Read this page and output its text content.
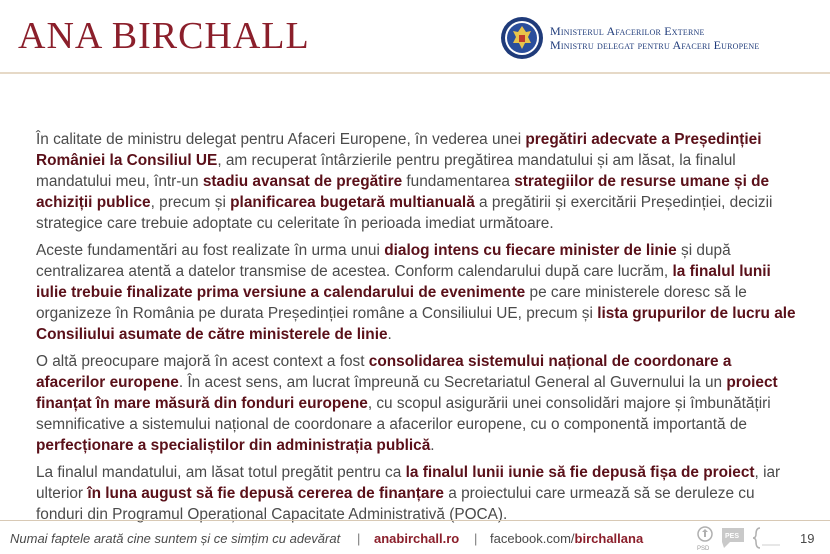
ANA BIRCHALL	Ministerul Afacerilor Externe
Ministru delegat pentru Afaceri Europene

În calitate de ministru delegat pentru Afaceri Europene, în vederea unei pregătiri adecvate a Președinției României la Consiliul UE, am recuperat întârzierile pentru pregătirea mandatului și am lăsat, la finalul mandatului meu, într-un stadiu avansat de pregătire fundamentarea strategiilor de resurse umane și de achiziții publice, precum și planificarea bugetară multianuală a pregătirii și exercitării Președinției, decizii strategice care trebuie adoptate cu celeritate în perioada imediat următoare.

Aceste fundamentări au fost realizate în urma unui dialog intens cu fiecare minister de linie și după centralizarea atentă a datelor transmise de acestea. Conform calendarului după care lucrăm, la finalul lunii iulie trebuie finalizate prima versiune a calendarului de evenimente pe care ministerele doresc să le organizeze în România pe durata Președinției române a Consiliului UE, precum și lista grupurilor de lucru ale Consiliului asumate de către ministerele de linie.

O altă preocupare majoră în acest context a fost consolidarea sistemului național de coordonare a afacerilor europene. În acest sens, am lucrat împreună cu Secretariatul General al Guvernului la un proiect finanțat în mare măsură din fonduri europene, cu scopul asigurării unei consolidări majore și îmbunătățiri semnificative a sistemului național de coordonare a afacerilor europene, cu o componentă importantă de perfecționare a specialiștilor din administrația publică.

La finalul mandatului, am lăsat totul pregătit pentru ca la finalul lunii iunie să fie depusă fișa de proiect, iar ulterior în luna august să fie depusă cererea de finanțare a proiectului care urmează să se deruleze cu fonduri din Programul Operațional Capacitate Administrativă (POCA).

Numai faptele arată cine suntem și ce simțim cu adevărat | anabirchall.ro | facebook.com/birchallana
PSD
PES	19
